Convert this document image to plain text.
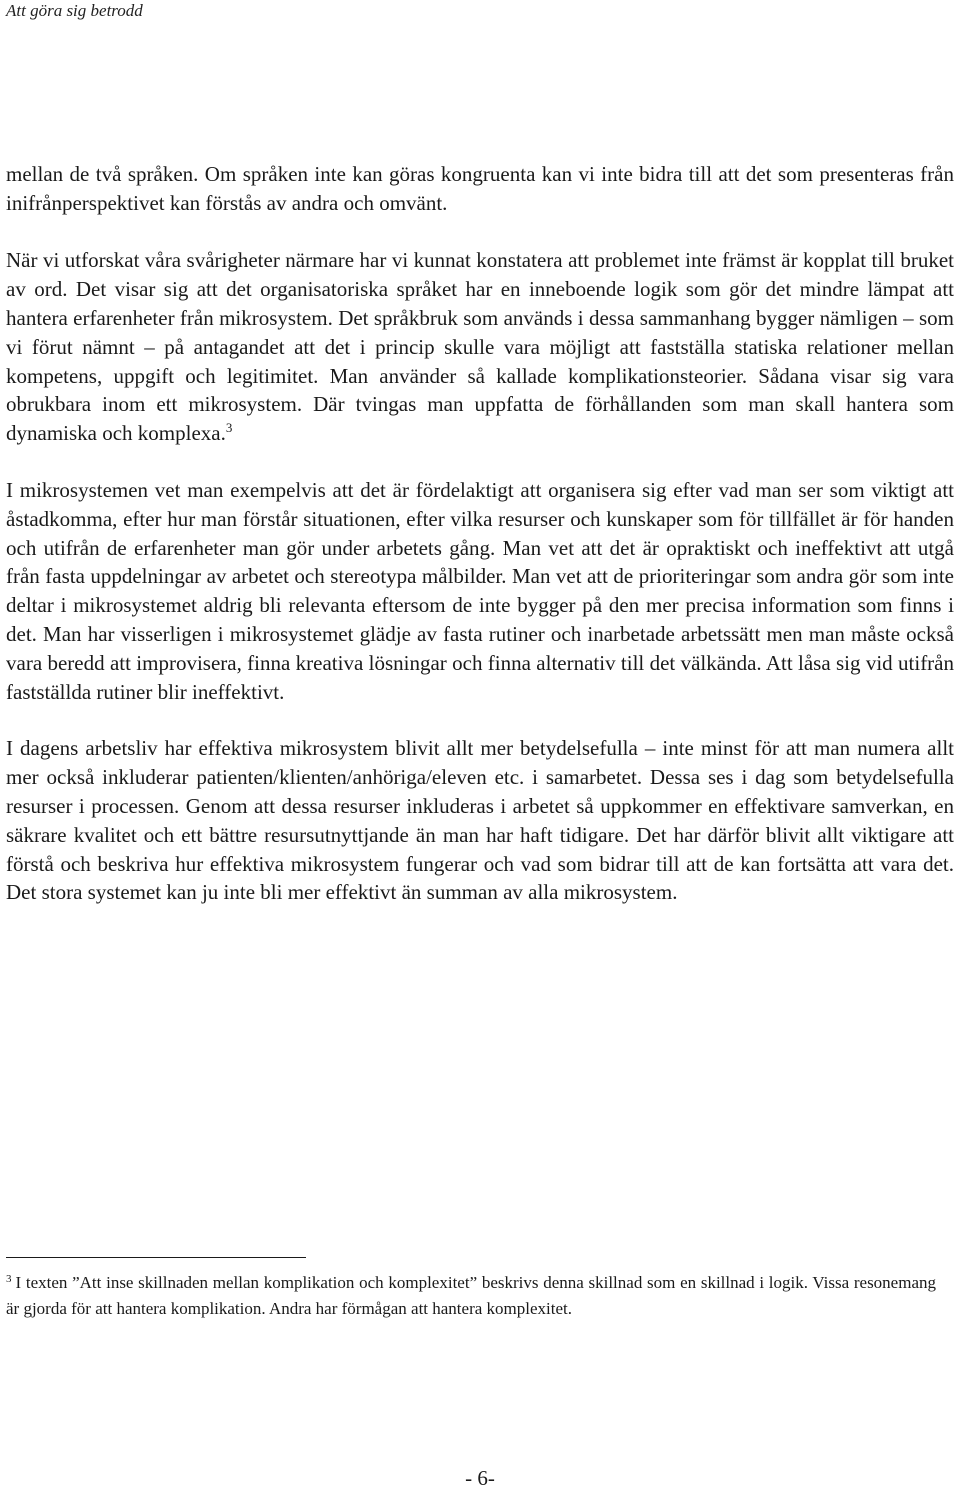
Att göra sig betrodd

mellan de två språken. Om språken inte kan göras kongruenta kan vi inte bidra till att det som presenteras från inifrånperspektivet kan förstås av andra och omvänt.

När vi utforskat våra svårigheter närmare har vi kunnat konstatera att problemet inte främst är kopplat till bruket av ord. Det visar sig att det organisatoriska språket har en inneboende logik som gör det mindre lämpat att hantera erfarenheter från mikrosystem. Det språkbruk som används i dessa sammanhang bygger nämligen – som vi förut nämnt – på antagandet att det i princip skulle vara möjligt att fastställa statiska relationer mellan kompetens, uppgift och legitimitet. Man använder så kallade komplikationsteorier. Sådana visar sig vara obrukbara inom ett mikrosystem. Där tvingas man uppfatta de förhållanden som man skall hantera som dynamiska och komplexa.$^3$

I mikrosystemen vet man exempelvis att det är fördelaktigt att organisera sig efter vad man ser som viktigt att åstadkomma, efter hur man förstår situationen, efter vilka resurser och kunskaper som för tillfället är för handen och utifrån de erfarenheter man gör under arbetets gång. Man vet att det är opraktiskt och ineffektivt att utgå från fasta uppdelningar av arbetet och stereotypa målbilder. Man vet att de prioriteringar som andra gör som inte deltar i mikrosystemet aldrig bli relevanta eftersom de inte bygger på den mer precisa information som finns i det. Man har visserligen i mikrosystemet glädje av fasta rutiner och inarbetade arbetssätt men man måste också vara beredd att improvisera, finna kreativa lösningar och finna alternativ till det välkända. Att låsa sig vid utifrån fastställda rutiner blir ineffektivt.

I dagens arbetsliv har effektiva mikrosystem blivit allt mer betydelsefulla – inte minst för att man numera allt mer också inkluderar patienten/klienten/anhöriga/eleven etc. i samarbetet. Dessa ses i dag som betydelsefulla resurser i processen. Genom att dessa resurser inkluderas i arbetet så uppkommer en effektivare samverkan, en säkrare kvalitet och ett bättre resursutnyttjande än man har haft tidigare. Det har därför blivit allt viktigare att förstå och beskriva hur effektiva mikrosystem fungerar och vad som bidrar till att de kan fortsätta att vara det. Det stora systemet kan ju inte bli mer effektivt än summan av alla mikrosystem.

$^3$ I texten ”Att inse skillnaden mellan komplikation och komplexitet” beskrivs denna skillnad som en skillnad i logik. Vissa resonemang är gjorda för att hantera komplikation. Andra har förmågan att hantera komplexitet.
- 6-
